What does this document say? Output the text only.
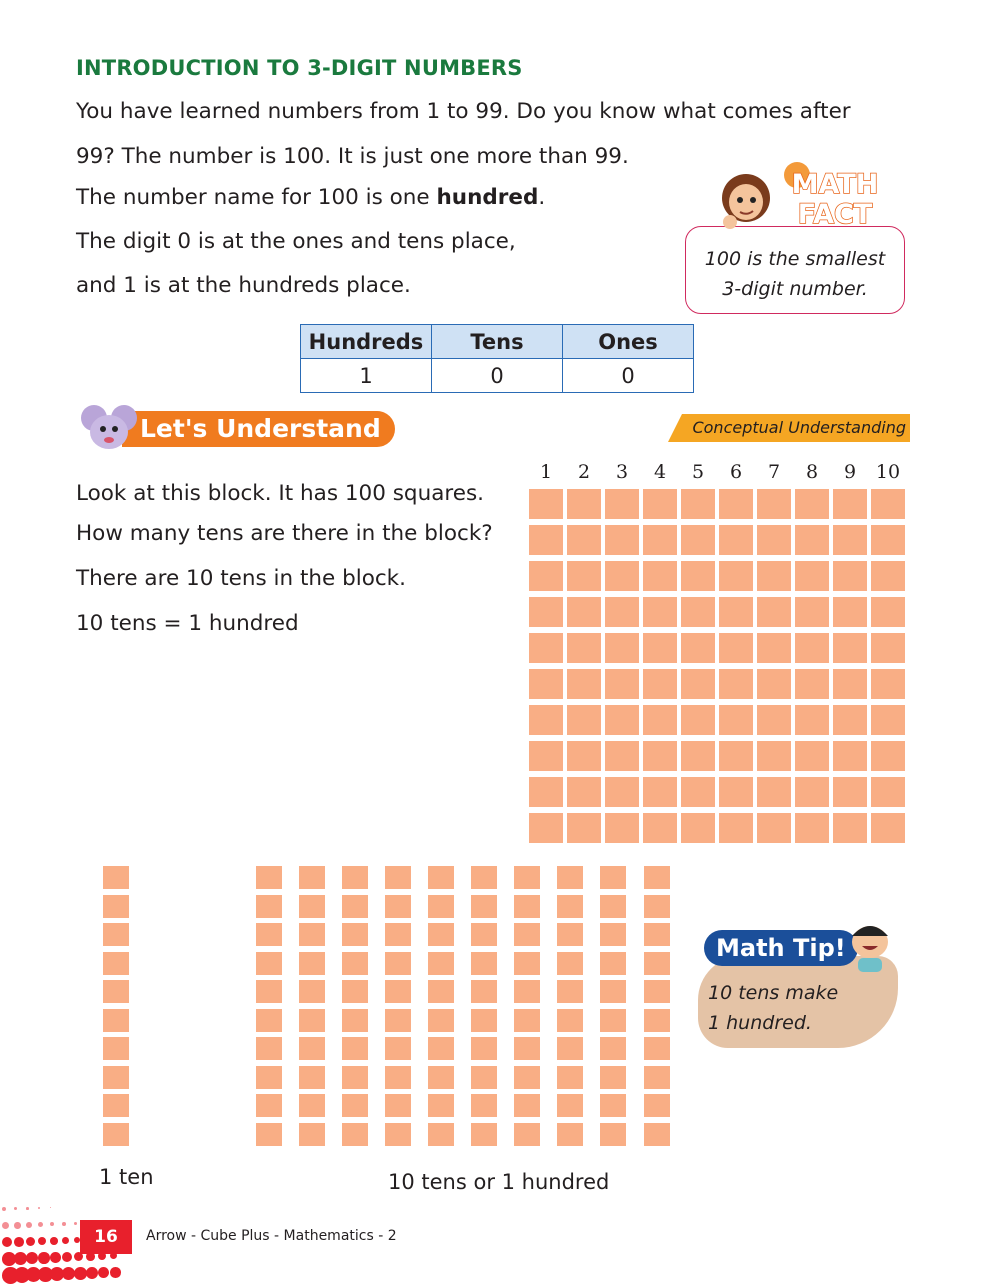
INTRODUCTION TO 3-DIGIT NUMBERS
You have learned numbers from 1 to 99. Do you know what comes after
99? The number is 100. It is just one more than 99.
The number name for 100 is one hundred.
The digit 0 is at the ones and tens place,
and 1 is at the hundreds place.
MATH
FACT
100 is the smallest
3-digit number.
Hundreds	Tens	Ones
1	0	0
Let's Understand	Conceptual Understanding
Look at this block. It has 100 squares.
How many tens are there in the block?
There are 10 tens in the block.
10 tens = 1 hundred
1	2	3	4	5	6	7	8	9	10
1 ten	10 tens or 1 hundred
Math Tip!
10 tens make
1 hundred.
16	Arrow - Cube Plus - Mathematics - 2
